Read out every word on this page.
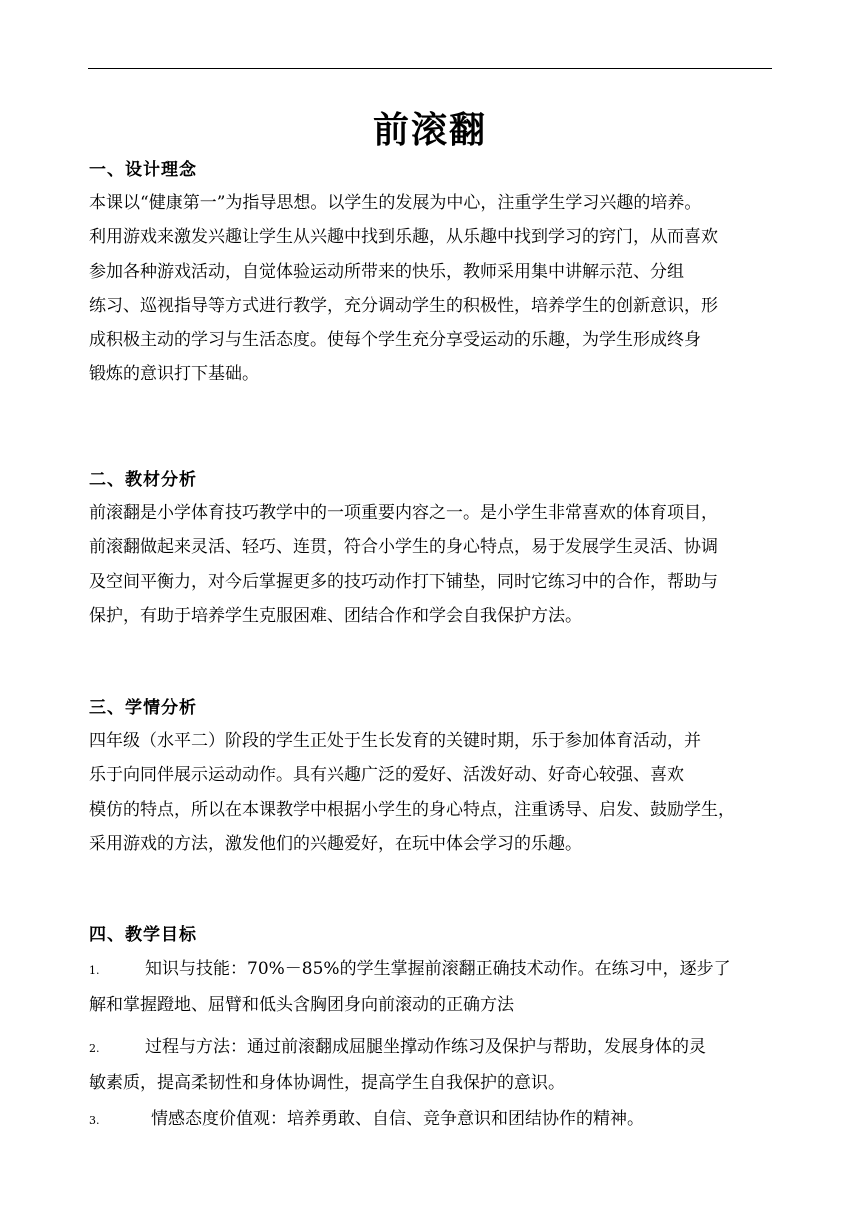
前滚翻
一、设计理念

本课以“健康第一”为指导思想。以学生的发展为中心，注重学生学习兴趣的培养。

利用游戏来激发兴趣让学生从兴趣中找到乐趣，从乐趣中找到学习的窍门，从而喜欢

参加各种游戏活动，自觉体验运动所带来的快乐，教师采用集中讲解示范、分组

练习、巡视指导等方式进行教学，充分调动学生的积极性，培养学生的创新意识，形

成积极主动的学习与生活态度。使每个学生充分享受运动的乐趣，为学生形成终身

锻炼的意识打下基础。

二、教材分析

前滚翻是小学体育技巧教学中的一项重要内容之一。是小学生非常喜欢的体育项目，

前滚翻做起来灵活、轻巧、连贯，符合小学生的身心特点，易于发展学生灵活、协调

及空间平衡力，对今后掌握更多的技巧动作打下铺垫，同时它练习中的合作，帮助与

保护，有助于培养学生克服困难、团结合作和学会自我保护方法。

三、学情分析

四年级（水平二）阶段的学生正处于生长发育的关键时期，乐于参加体育活动，并

乐于向同伴展示运动动作。具有兴趣广泛的爱好、活泼好动、好奇心较强、喜欢

模仿的特点，所以在本课教学中根据小学生的身心特点，注重诱导、启发、鼓励学生，

采用游戏的方法，激发他们的兴趣爱好，在玩中体会学习的乐趣。

四、教学目标
1.	知识与技能：70%－85%的学生掌握前滚翻正确技术动作。在练习中，逐步了
解和掌握蹬地、屈臂和低头含胸团身向前滚动的正确方法
2.	过程与方法：通过前滚翻成屈腿坐撑动作练习及保护与帮助，发展身体的灵
敏素质，提高柔韧性和身体协调性，提高学生自我保护的意识。
3.	情感态度价值观：培养勇敢、自信、竞争意识和团结协作的精神。
